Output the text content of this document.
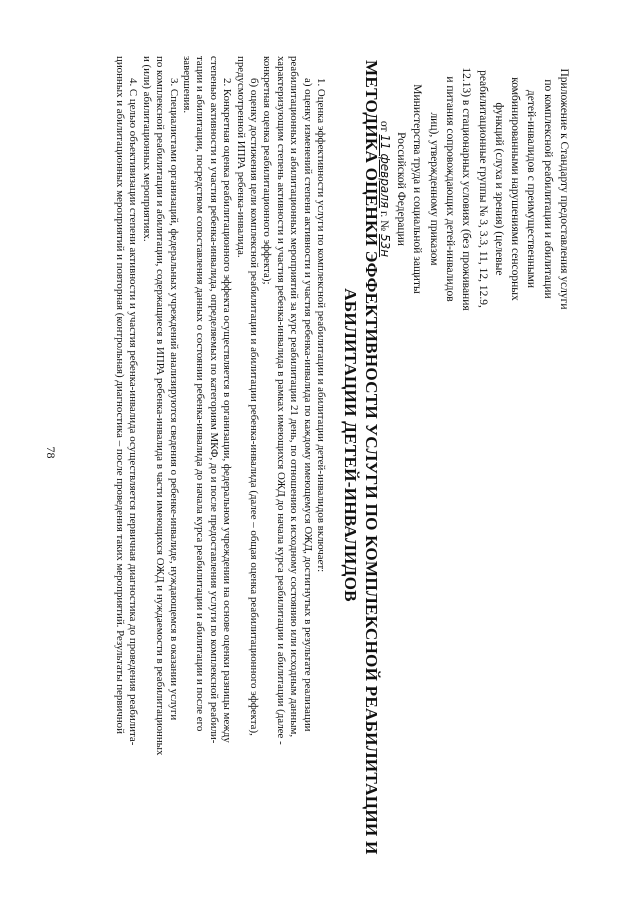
78
Приложение к Стандарту предоставления услуги
по комплексной реабилитации и абилитации
детей-инвалидов с преимущественными
комбинированными нарушениями сенсорных
функций (слуха и зрения) (целевые
реабилитационные группы № 3, 3.3, 11, 12, 12.9,
12.13) в стационарных условиях (без проживания
и питания сопровождающих детей-инвалидов
лиц), утвержденному приказом
Министерства труда и социальной защиты
Российской Федерации
от 11 февраля г. № 53н
МЕТОДИКА ОЦЕНКИ ЭФФЕКТИВНОСТИ УСЛУГИ ПО КОМПЛЕКСНОЙ РЕАБИЛИТАЦИИ И
АБИЛИТАЦИИ ДЕТЕЙ-ИНВАЛИДОВ

1. Оценка эффективности услуги по комплексной реабилитации и абилитации детей-инвалидов включает:

а) оценку изменений степени активности и участия ребенка-инвалида по каждому имеющемуся ОЖД, достигнутых в результате реализации
реабилитационных и абилитационных мероприятий за курс реабилитации 21 день, по отношению к исходному состоянию или исходным данным,
характеризующим степень активности и участия ребенка-инвалида в рамках имеющихся ОЖД до начала курса реабилитации и абилитации (далее -
конкретная оценка реабилитационного эффекта);

б) оценку достижения цели комплексной реабилитации и абилитации ребенка-инвалида (далее – общая оценка реабилитационного эффекта),
предусмотренной ИПРА ребенка-инвалида.

2. Конкретная оценка реабилитационного эффекта осуществляется в организации, федеральном учреждении на основе оценки разницы между
степенью активности и участия ребенка-инвалида, определяемых по категориям МКФ, до и после предоставления услуги по комплексной реабили-
тации и абилитации, посредством сопоставления данных о состоянии ребенка-инвалида до начала курса реабилитации и абилитации и после его
завершения.

3. Специалистами организаций, федеральных учреждений анализируются сведения о ребенке-инвалиде, нуждающемся в оказании услуги
по комплексной реабилитации и абилитации, содержащиеся в ИПРА ребенка-инвалида в части имеющихся ОЖД и нуждаемости в реабилитационных
и (или) абилитационных мероприятиях.

4. С целью объективизации степени активности и участия ребенка-инвалида осуществляется первичная диагностика до проведения реабилита-
ционных и абилитационных мероприятий и повторная (контрольная) диагностика – после проведения таких мероприятий. Результаты первичной
